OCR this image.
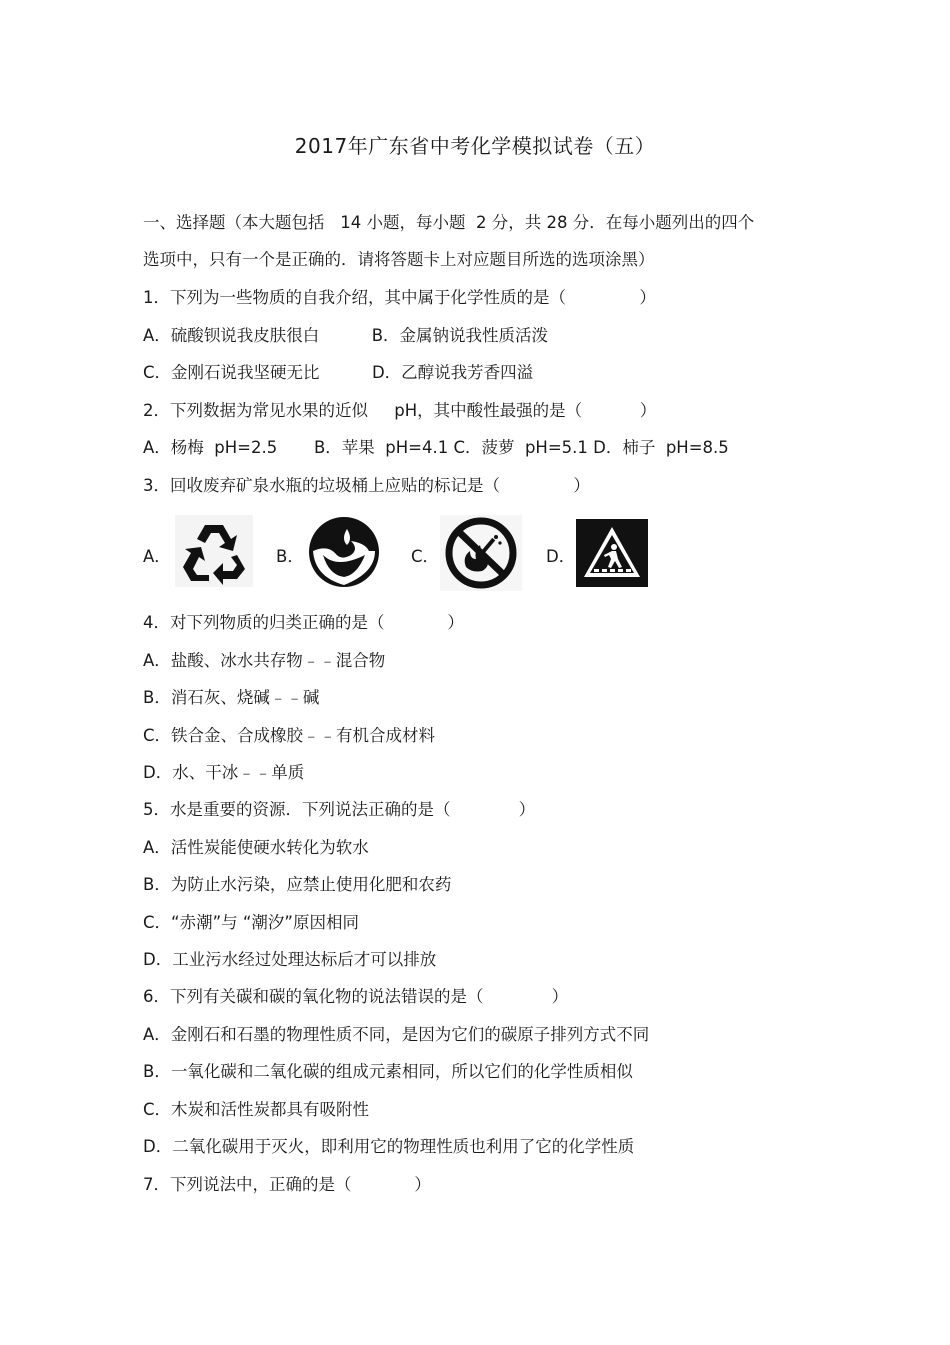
2017年广东省中考化学模拟试卷（五）
一、选择题（本大题包括   14 小题，每小题  2 分，共 28 分．在每小题列出的四个
选项中，只有一个是正确的．请将答题卡上对应题目所选的选项涂黑）
1．下列为一些物质的自我介绍，其中属于化学性质的是（              ）
A．硫酸钡说我皮肤很白          B．金属钠说我性质活泼
C．金刚石说我坚硬无比          D．乙醇说我芳香四溢
2．下列数据为常见水果的近似     pH，其中酸性最强的是（           ）
A．杨梅  pH=2.5       B．苹果  pH=4.1 C．菠萝  pH=5.1 D．柿子  pH=8.5
3．回收废弃矿泉水瓶的垃圾桶上应贴的标记是（              ）
A．	B．	C．	D．
4．对下列物质的归类正确的是（            ）
A．盐酸、冰水共存物﹣﹣混合物
B．消石灰、烧碱﹣﹣碱
C．铁合金、合成橡胶﹣﹣有机合成材料
D．水、干冰﹣﹣单质
5．水是重要的资源．下列说法正确的是（             ）
A．活性炭能使硬水转化为软水
B．为防止水污染，应禁止使用化肥和农药
C．“赤潮”与 “潮汐”原因相同
D．工业污水经过处理达标后才可以排放
6．下列有关碳和碳的氧化物的说法错误的是（             ）
A．金刚石和石墨的物理性质不同，是因为它们的碳原子排列方式不同
B．一氧化碳和二氧化碳的组成元素相同，所以它们的化学性质相似
C．木炭和活性炭都具有吸附性
D．二氧化碳用于灭火，即利用它的物理性质也利用了它的化学性质
7．下列说法中，正确的是（            ）
